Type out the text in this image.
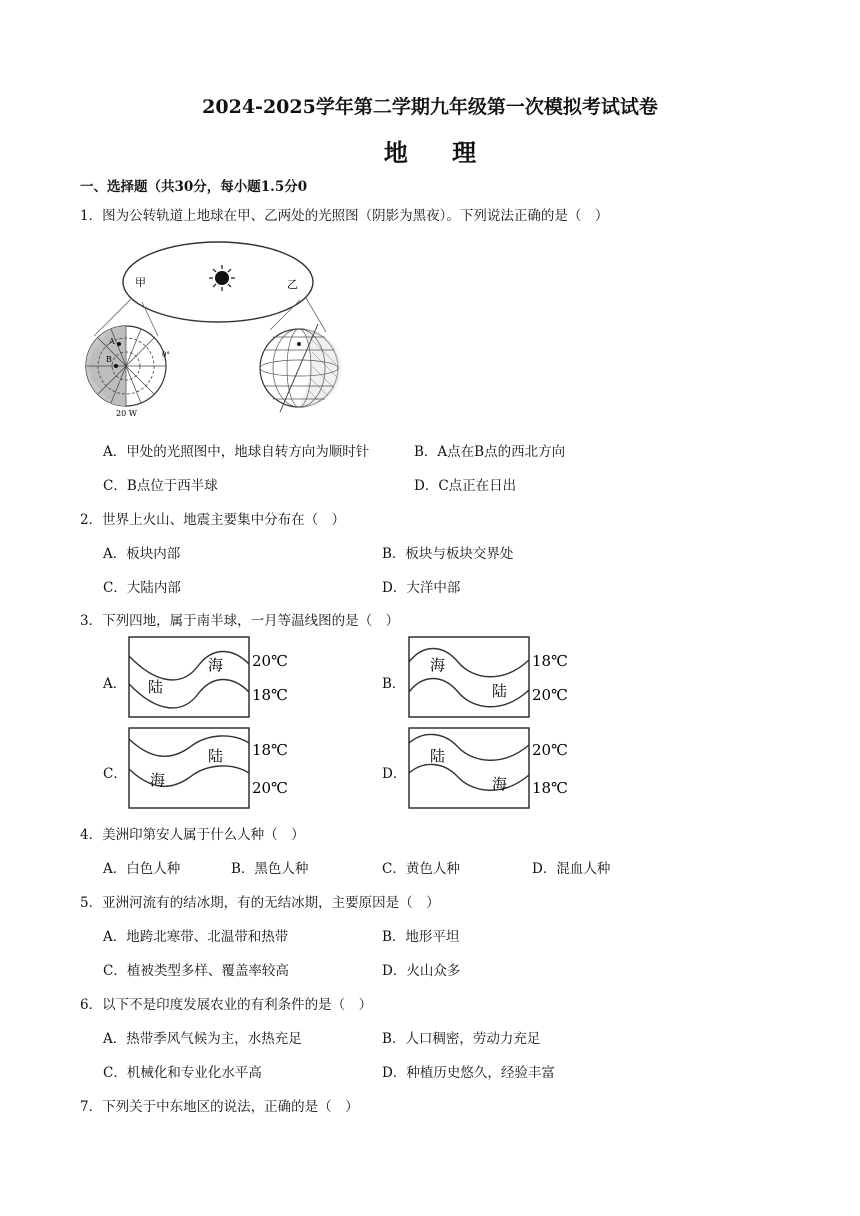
2024-2025学年第二学期九年级第一次模拟考试试卷
地 理
一、选择题（共30分，每小题1.5分0
1．图为公转轨道上地球在甲、乙两处的光照图（阴影为黑夜）。下列说法正确的是（　）
甲	乙
A
B	0°
20 W
A．甲处的光照图中，地球自转方向为顺时针	B．A点在B点的西北方向
C．B点位于西半球	D．C点正在日出
2．世界上火山、地震主要集中分布在（　）
A．板块内部	B．板块与板块交界处
C．大陆内部	D．大洋中部
3．下列四地，属于南半球，一月等温线图的是（　）
A．
海
陆
20℃
18℃
B．
海
陆
18℃
20℃
C．
陆
海
18℃
20℃
D．
陆
海
20℃
18℃
4．美洲印第安人属于什么人种（　）
A．白色人种	B．黑色人种	C．黄色人种	D．混血人种
5．亚洲河流有的结冰期，有的无结冰期，主要原因是（　）
A．地跨北寒带、北温带和热带	B．地形平坦
C．植被类型多样、覆盖率较高	D．火山众多
6．以下不是印度发展农业的有利条件的是（　）
A．热带季风气候为主，水热充足	B．人口稠密，劳动力充足
C．机械化和专业化水平高	D．种植历史悠久，经验丰富
7．下列关于中东地区的说法，正确的是（　）
